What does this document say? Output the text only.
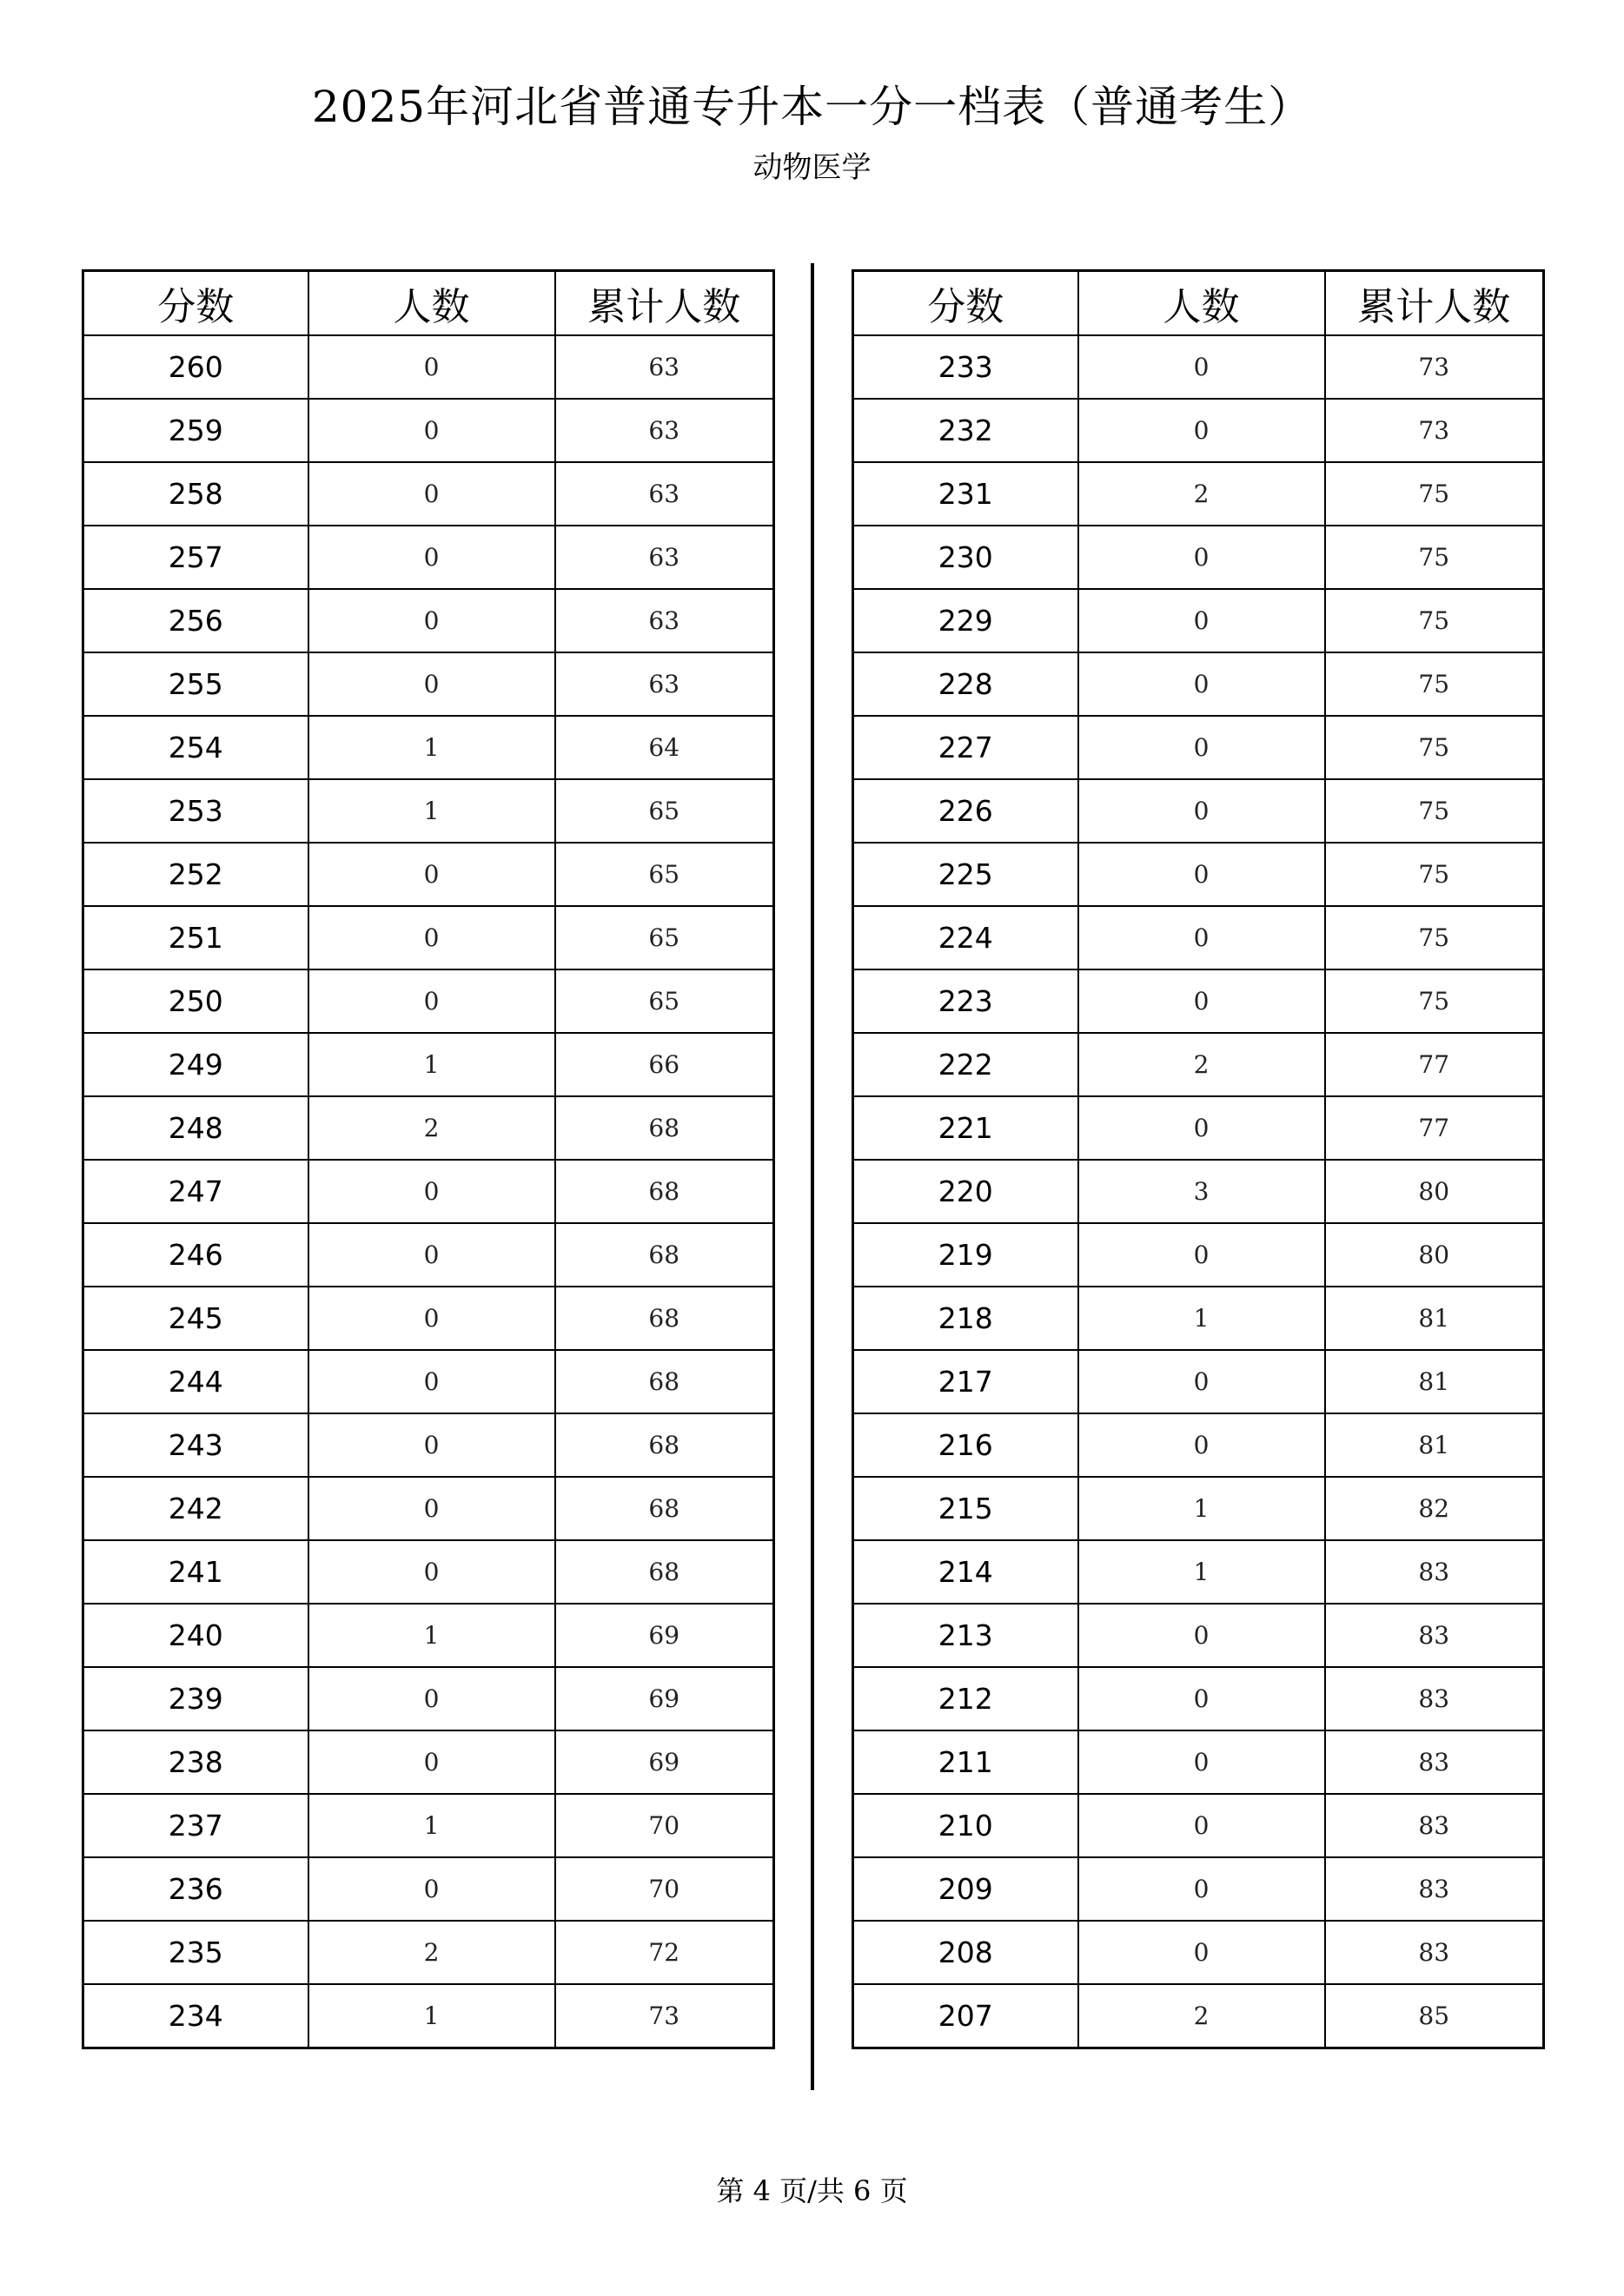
2025年河北省普通专升本一分一档表（普通考生）
动物医学
分数	人数	累计人数
260	0	63
259	0	63
258	0	63
257	0	63
256	0	63
255	0	63
254	1	64
253	1	65
252	0	65
251	0	65
250	0	65
249	1	66
248	2	68
247	0	68
246	0	68
245	0	68
244	0	68
243	0	68
242	0	68
241	0	68
240	1	69
239	0	69
238	0	69
237	1	70
236	0	70
235	2	72
234	1	73
分数	人数	累计人数
233	0	73
232	0	73
231	2	75
230	0	75
229	0	75
228	0	75
227	0	75
226	0	75
225	0	75
224	0	75
223	0	75
222	2	77
221	0	77
220	3	80
219	0	80
218	1	81
217	0	81
216	0	81
215	1	82
214	1	83
213	0	83
212	0	83
211	0	83
210	0	83
209	0	83
208	0	83
207	2	85
第 4 页/共 6 页
